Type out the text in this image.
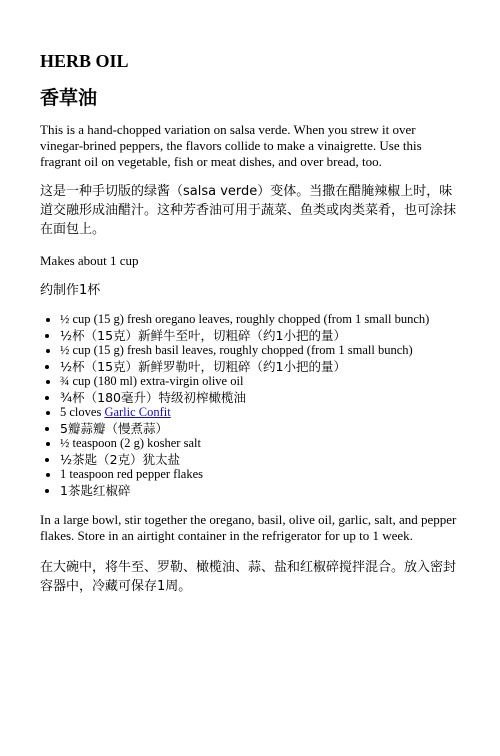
HERB OIL
香草油

This is a hand-chopped variation on salsa verde. When you strew it over vinegar-brined peppers, the flavors collide to make a vinaigrette. Use this fragrant oil on vegetable, fish or meat dishes, and over bread, too.

这是一种手切版的绿酱（salsa verde）变体。当撒在醋腌辣椒上时，味道交融形成油醋汁。这种芳香油可用于蔬菜、鱼类或肉类菜肴，也可涂抹在面包上。

Makes about 1 cup

约制作1杯

• ½ cup (15 g) fresh oregano leaves, roughly chopped (from 1 small bunch)
• ½杯（15克）新鲜牛至叶，切粗碎（约1小把的量）
• ½ cup (15 g) fresh basil leaves, roughly chopped (from 1 small bunch)
• ½杯（15克）新鲜罗勒叶，切粗碎（约1小把的量）
• ¾ cup (180 ml) extra-virgin olive oil
• ¾杯（180毫升）特级初榨橄榄油
• 5 cloves Garlic Confit
• 5瓣蒜瓣（慢煮蒜）
• ½ teaspoon (2 g) kosher salt
• ½茶匙（2克）犹太盐
• 1 teaspoon red pepper flakes
• 1茶匙红椒碎

In a large bowl, stir together the oregano, basil, olive oil, garlic, salt, and pepper flakes. Store in an airtight container in the refrigerator for up to 1 week.

在大碗中，将牛至、罗勒、橄榄油、蒜、盐和红椒碎搅拌混合。放入密封容器中，冷藏可保存1周。
